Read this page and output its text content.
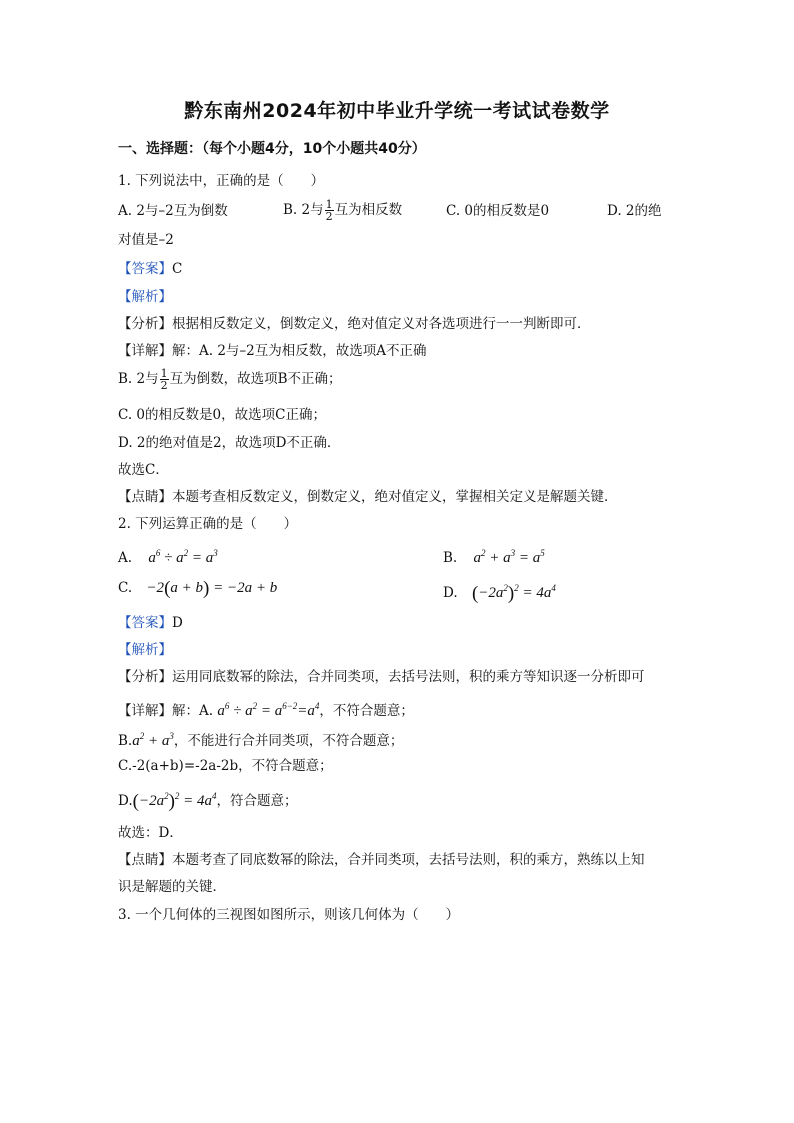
黔东南州2024年初中毕业升学统一考试试卷数学
一、选择题：（每个小题4分，10个小题共40分）
1. 下列说法中，正确的是（　　）
A. 2与–2互为倒数	B. 2与 $\frac{1}{2}$ 互为相反数	C. 0的相反数是0	D. 2的绝
对值是–2
【答案】C
【解析】
【分析】根据相反数定义，倒数定义，绝对值定义对各选项进行一一判断即可．
【详解】解：A. 2与–2互为相反数，故选项A不正确
B. 2与 $\frac{1}{2}$ 互为倒数，故选项B不正确；
C. 0的相反数是0，故选项C正确；
D. 2的绝对值是2，故选项D不正确．
故选C．
【点睛】本题考查相反数定义，倒数定义，绝对值定义，掌握相关定义是解题关键．
2. 下列运算正确的是（　　）
A. $a^6 \div a^2 = a^3$	B. $a^2 + a^3 = a^5$
C. −2(a + b) = −2a + b	D. $(-2a^2)^2 = 4a^4$
【答案】D
【解析】
【分析】运用同底数幂的除法，合并同类项，去括号法则，积的乘方等知识逐一分析即可
【详解】解：A. $a^6 \div a^2 = a^{6-2}=a^4$，不符合题意；
$B.a^2 + a^3$，不能进行合并同类项，不符合题意；
C.-2(a+b)=-2a-2b，不符合题意；
$D.(-2a^2)^2 = 4a^4$，符合题意；
故选：D．
【点睛】本题考查了同底数幂的除法，合并同类项，去括号法则，积的乘方，熟练以上知
识是解题的关键．
3. 一个几何体的三视图如图所示，则该几何体为（　　）
